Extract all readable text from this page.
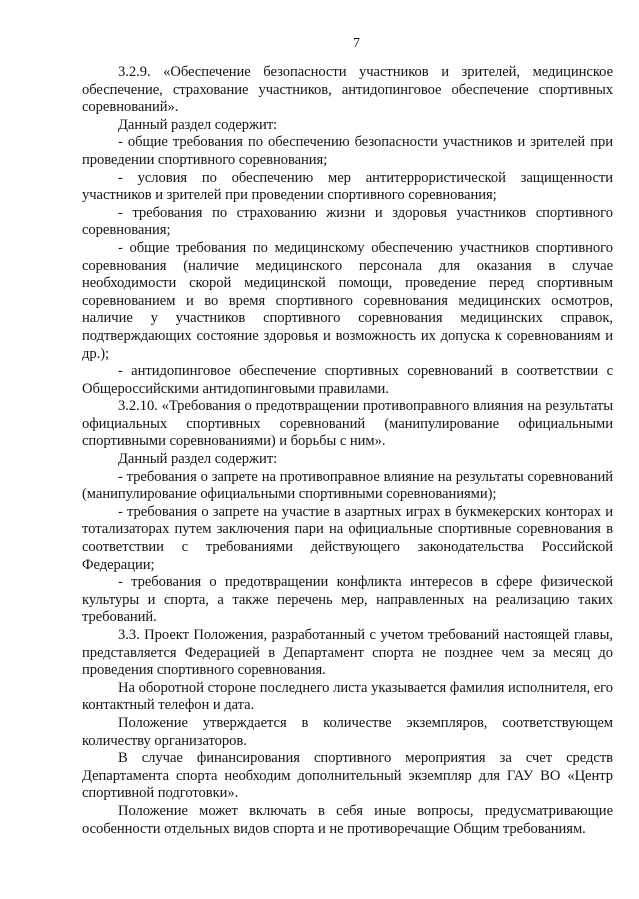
7

3.2.9. «Обеспечение безопасности участников и зрителей, медицинское обеспечение, страхование участников, антидопинговое обеспечение спортивных соревнований».

Данный раздел содержит:

- общие требования по обеспечению безопасности участников и зрителей при проведении спортивного соревнования;

- условия по обеспечению мер антитеррористической защищенности участников и зрителей при проведении спортивного соревнования;

- требования по страхованию жизни и здоровья участников спортивного соревнования;

- общие требования по медицинскому обеспечению участников спортивного соревнования (наличие медицинского персонала для оказания в случае необходимости скорой медицинской помощи, проведение перед спортивным соревнованием и во время спортивного соревнования медицинских осмотров, наличие у участников спортивного соревнования медицинских справок, подтверждающих состояние здоровья и возможность их допуска к соревнованиям и др.);

- антидопинговое обеспечение спортивных соревнований в соответствии с Общероссийскими антидопинговыми правилами.

3.2.10. «Требования о предотвращении противоправного влияния на результаты официальных спортивных соревнований (манипулирование официальными спортивными соревнованиями) и борьбы с ним».

Данный раздел содержит:

- требования о запрете на противоправное влияние на результаты соревнований (манипулирование официальными спортивными соревнованиями);

- требования о запрете на участие в азартных играх в букмекерских конторах и тотализаторах путем заключения пари на официальные спортивные соревнования в соответствии с требованиями действующего законодательства Российской Федерации;

- требования о предотвращении конфликта интересов в сфере физической культуры и спорта, а также перечень мер, направленных на реализацию таких требований.

3.3. Проект Положения, разработанный с учетом требований настоящей главы, представляется Федерацией в Департамент спорта не позднее чем за месяц до проведения спортивного соревнования.

На оборотной стороне последнего листа указывается фамилия исполнителя, его контактный телефон и дата.

Положение утверждается в количестве экземпляров, соответствующем количеству организаторов.

В случае финансирования спортивного мероприятия за счет средств Департамента спорта необходим дополнительный экземпляр для ГАУ ВО «Центр спортивной подготовки».

Положение может включать в себя иные вопросы, предусматривающие особенности отдельных видов спорта и не противоречащие Общим требованиям.
